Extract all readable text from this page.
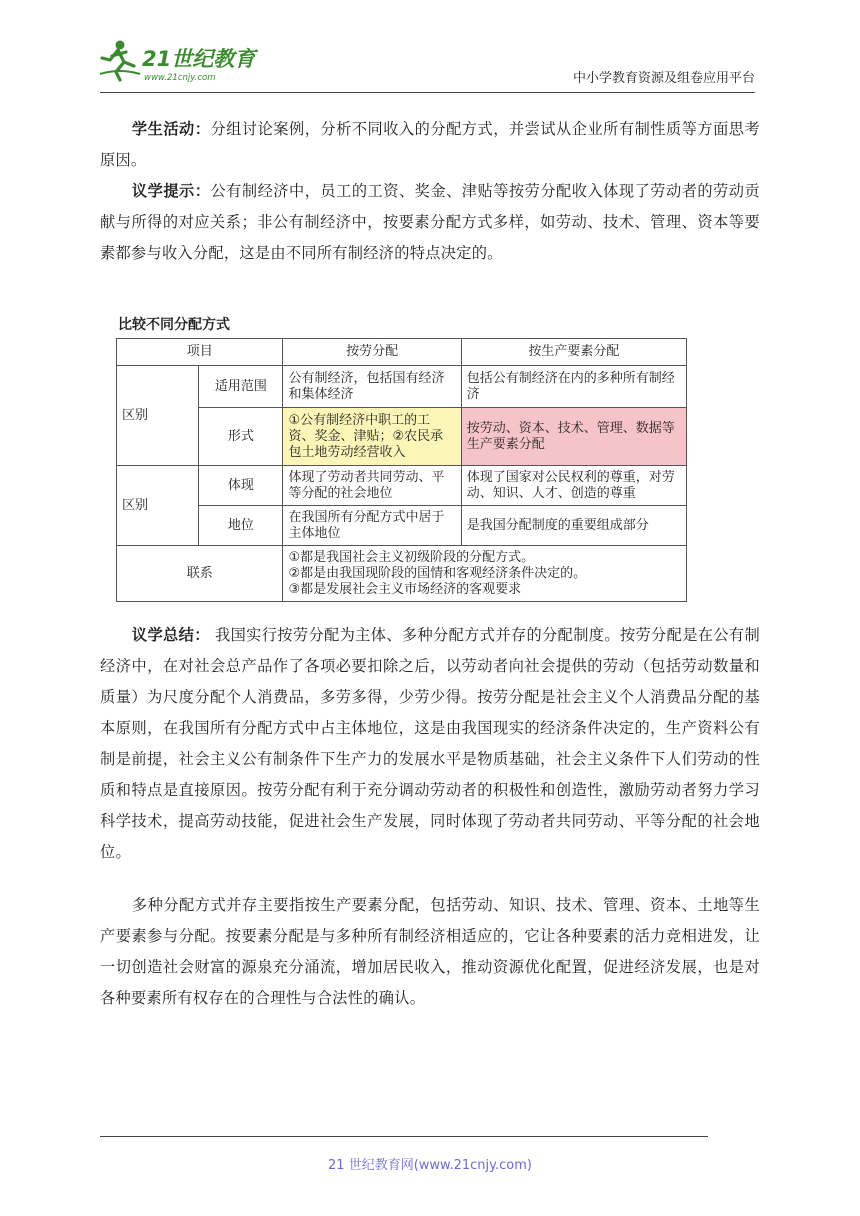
21世纪教育
www.21cnjy.com	中小学教育资源及组卷应用平台
学生活动：分组讨论案例，分析不同收入的分配方式，并尝试从企业所有制性质等方面思考原因。
议学提示：公有制经济中，员工的工资、奖金、津贴等按劳分配收入体现了劳动者的劳动贡献与所得的对应关系；非公有制经济中，按要素分配方式多样，如劳动、技术、管理、资本等要素都参与收入分配，这是由不同所有制经济的特点决定的。
比较不同分配方式
项目		按劳分配	按生产要素分配
区别	适用范围	公有制经济，包括国有经济和集体经济	包括公有制经济在内的多种所有制经济
	形式	①公有制经济中职工的工资、奖金、津贴；②农民承包土地劳动经营收入	按劳动、资本、技术、管理、数据等生产要素分配
区别	体现	体现了劳动者共同劳动、平等分配的社会地位	体现了国家对公民权利的尊重，对劳动、知识、人才、创造的尊重
	地位	在我国所有分配方式中居于主体地位	是我国分配制度的重要组成部分
联系		①都是我国社会主义初级阶段的分配方式。
②都是由我国现阶段的国情和客观经济条件决定的。
③都是发展社会主义市场经济的客观要求	
议学总结： 我国实行按劳分配为主体、多种分配方式并存的分配制度。按劳分配是在公有制经济中，在对社会总产品作了各项必要扣除之后，以劳动者向社会提供的劳动（包括劳动数量和质量）为尺度分配个人消费品，多劳多得，少劳少得。按劳分配是社会主义个人消费品分配的基本原则，在我国所有分配方式中占主体地位，这是由我国现实的经济条件决定的，生产资料公有制是前提，社会主义公有制条件下生产力的发展水平是物质基础，社会主义条件下人们劳动的性质和特点是直接原因。按劳分配有利于充分调动劳动者的积极性和创造性，激励劳动者努力学习科学技术，提高劳动技能，促进社会生产发展，同时体现了劳动者共同劳动、平等分配的社会地位。
多种分配方式并存主要指按生产要素分配，包括劳动、知识、技术、管理、资本、土地等生产要素参与分配。按要素分配是与多种所有制经济相适应的，它让各种要素的活力竞相进发，让一切创造社会财富的源泉充分涌流，增加居民收入，推动资源优化配置，促进经济发展，也是对各种要素所有权存在的合理性与合法性的确认。
21 世纪教育网(www.21cnjy.com)
